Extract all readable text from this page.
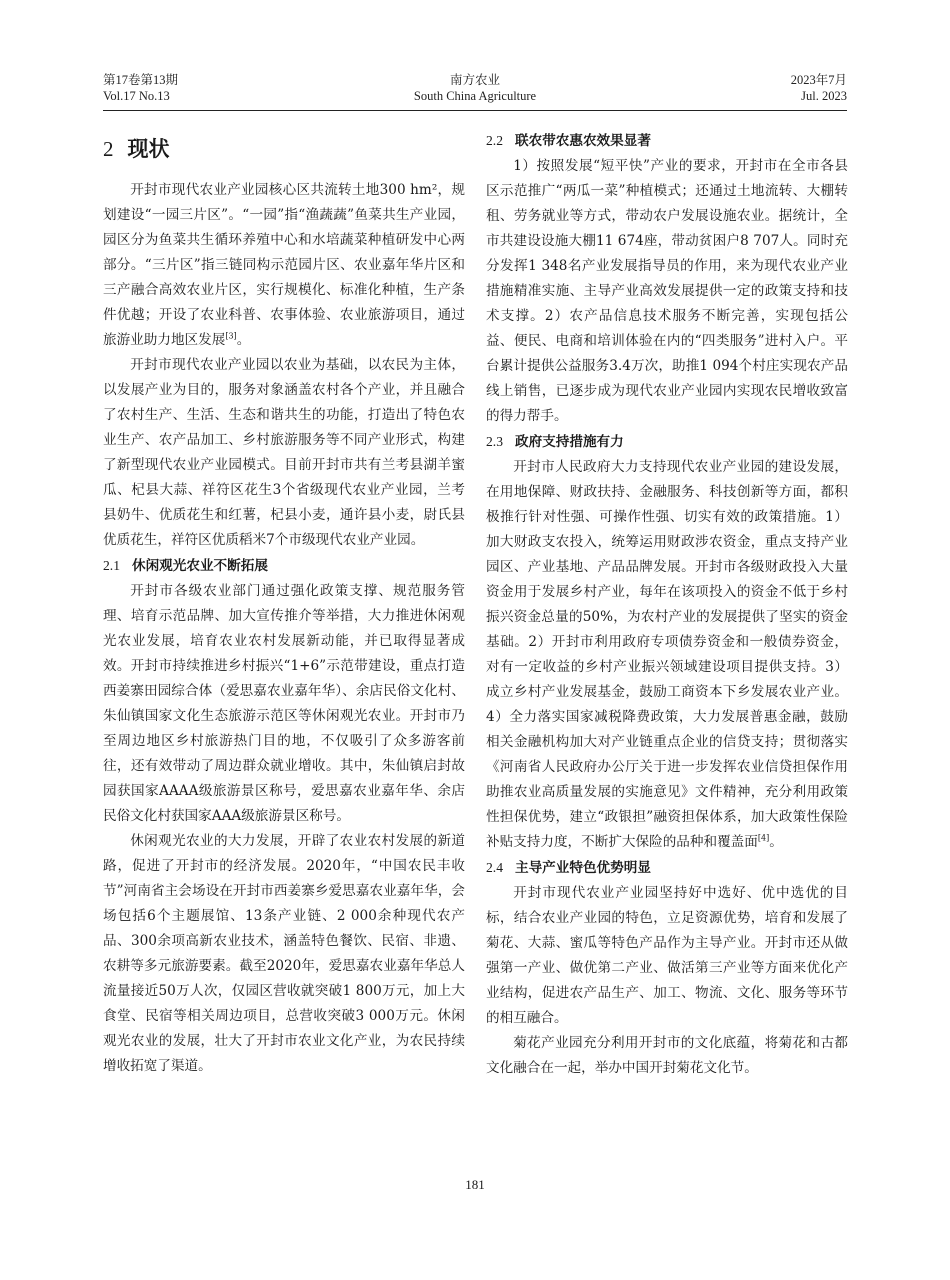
第17卷第13期
Vol.17 No.13
南方农业
South China Agriculture
2023年7月
Jul. 2023
2 现状

开封市现代农业产业园核心区共流转土地300 hm²，规划建设“一园三片区”。“一园”指“渔蔬蔬”鱼菜共生产业园，园区分为鱼菜共生循环养殖中心和水培蔬菜种植研发中心两部分。“三片区”指三链同构示范园片区、农业嘉年华片区和三产融合高效农业片区，实行规模化、标准化种植，生产条件优越；开设了农业科普、农事体验、农业旅游项目，通过旅游业助力地区发展[3]。

开封市现代农业产业园以农业为基础，以农民为主体，以发展产业为目的，服务对象涵盖农村各个产业，并且融合了农村生产、生活、生态和谐共生的功能，打造出了特色农业生产、农产品加工、乡村旅游服务等不同产业形式，构建了新型现代农业产业园模式。目前开封市共有兰考县湖羊蜜瓜、杞县大蒜、祥符区花生3个省级现代农业产业园，兰考县奶牛、优质花生和红薯，杞县小麦，通许县小麦，尉氏县优质花生，祥符区优质稻米7个市级现代农业产业园。

2.1 休闲观光农业不断拓展

开封市各级农业部门通过强化政策支撑、规范服务管理、培育示范品牌、加大宣传推介等举措，大力推进休闲观光农业发展，培育农业农村发展新动能，并已取得显著成效。开封市持续推进乡村振兴“1+6”示范带建设，重点打造西姜寨田园综合体（爱思嘉农业嘉年华）、余店民俗文化村、朱仙镇国家文化生态旅游示范区等休闲观光农业。开封市乃至周边地区乡村旅游热门目的地，不仅吸引了众多游客前往，还有效带动了周边群众就业增收。其中，朱仙镇启封故园获国家AAAA级旅游景区称号，爱思嘉农业嘉年华、余店民俗文化村获国家AAA级旅游景区称号。

休闲观光农业的大力发展，开辟了农业农村发展的新道路，促进了开封市的经济发展。2020年，“中国农民丰收节”河南省主会场设在开封市西姜寨乡爱思嘉农业嘉年华，会场包括6个主题展馆、13条产业链、2 000余种现代农产品、300余项高新农业技术，涵盖特色餐饮、民宿、非遗、农耕等多元旅游要素。截至2020年，爱思嘉农业嘉年华总人流量接近50万人次，仅园区营收就突破1 800万元，加上大食堂、民宿等相关周边项目，总营收突破3 000万元。休闲观光农业的发展，壮大了开封市农业文化产业，为农民持续增收拓宽了渠道。

2.2 联农带农惠农效果显著

1）按照发展“短平快”产业的要求，开封市在全市各县区示范推广“两瓜一菜”种植模式；还通过土地流转、大棚转租、劳务就业等方式，带动农户发展设施农业。据统计，全市共建设设施大棚11 674座，带动贫困户8 707人。同时充分发挥1 348名产业发展指导员的作用，来为现代农业产业措施精准实施、主导产业高效发展提供一定的政策支持和技术支撑。2）农产品信息技术服务不断完善，实现包括公益、便民、电商和培训体验在内的“四类服务”进村入户。平台累计提供公益服务3.4万次，助推1 094个村庄实现农产品线上销售，已逐步成为现代农业产业园内实现农民增收致富的得力帮手。

2.3 政府支持措施有力

开封市人民政府大力支持现代农业产业园的建设发展，在用地保障、财政扶持、金融服务、科技创新等方面，都积极推行针对性强、可操作性强、切实有效的政策措施。1）加大财政支农投入，统筹运用财政涉农资金，重点支持产业园区、产业基地、产品品牌发展。开封市各级财政投入大量资金用于发展乡村产业，每年在该项投入的资金不低于乡村振兴资金总量的50%，为农村产业的发展提供了坚实的资金基础。2）开封市利用政府专项债券资金和一般债券资金，对有一定收益的乡村产业振兴领域建设项目提供支持。3）成立乡村产业发展基金，鼓励工商资本下乡发展农业产业。4）全力落实国家减税降费政策，大力发展普惠金融，鼓励相关金融机构加大对产业链重点企业的信贷支持；贯彻落实《河南省人民政府办公厅关于进一步发挥农业信贷担保作用助推农业高质量发展的实施意见》文件精神，充分利用政策性担保优势，建立“政银担”融资担保体系，加大政策性保险补贴支持力度，不断扩大保险的品种和覆盖面[4]。

2.4 主导产业特色优势明显

开封市现代农业产业园坚持好中选好、优中选优的目标，结合农业产业园的特色，立足资源优势，培育和发展了菊花、大蒜、蜜瓜等特色产品作为主导产业。开封市还从做强第一产业、做优第二产业、做活第三产业等方面来优化产业结构，促进农产品生产、加工、物流、文化、服务等环节的相互融合。

菊花产业园充分利用开封市的文化底蕴，将菊花和古都文化融合在一起，举办中国开封菊花文化节。

181
